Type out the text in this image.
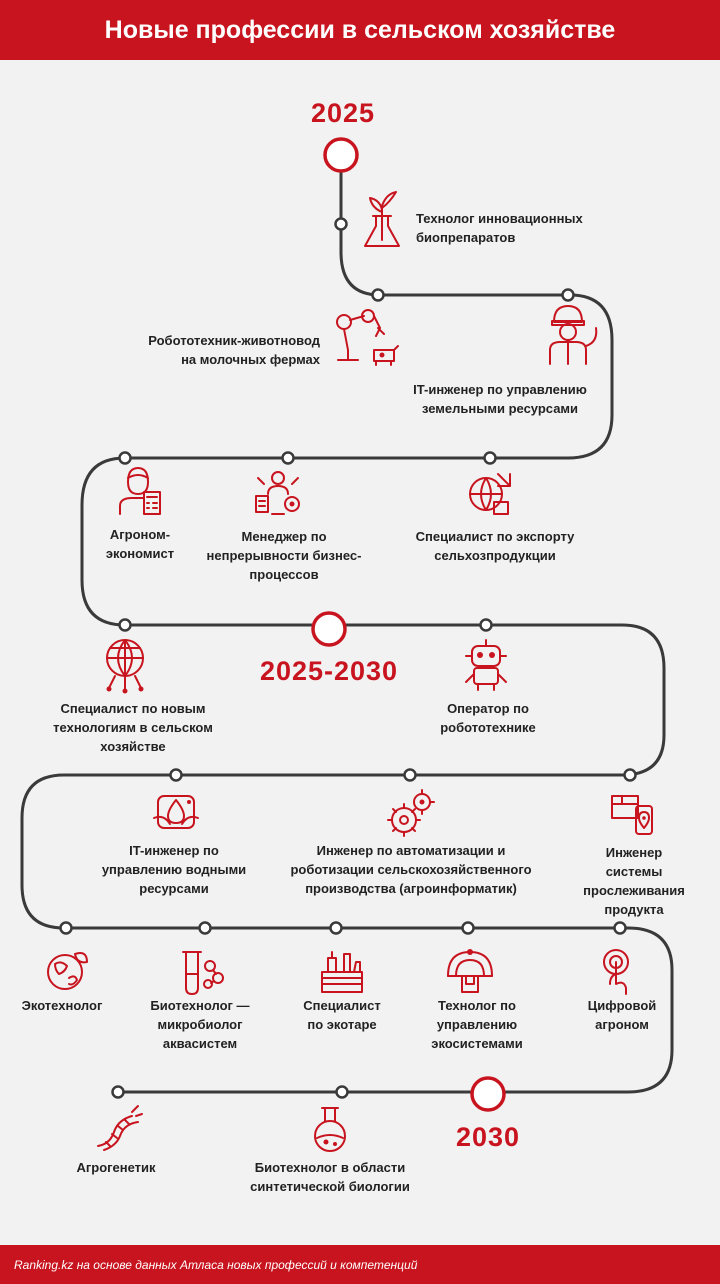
Новые профессии в сельском хозяйстве
2025
2025-2030
2030
Технолог инновационных
биопрепаратов
Робототехник-животновод
на молочных фермах
IT-инженер по управлению
земельными ресурсами
Агроном-
экономист
Менеджер по
непрерывности бизнес-
процессов
Специалист по экспорту
сельхозпродукции
Специалист по новым
технологиям в сельском
хозяйстве
Оператор по
робототехнике
IT-инженер по
управлению водными
ресурсами
Инженер по автоматизации и
роботизации сельскохозяйственного
производства (агроинформатик)
Инженер системы
прослеживания
продукта
Экотехнолог	Биотехнолог —
микробиолог
аквасистем
Специалист
по экотаре
Технолог по
управлению
экосистемами
Цифровой
агроном
Агрогенетик	Биотехнолог в области
синтетической биологии
Ranking.kz на основе данных Атласа новых профессий и компетенций
